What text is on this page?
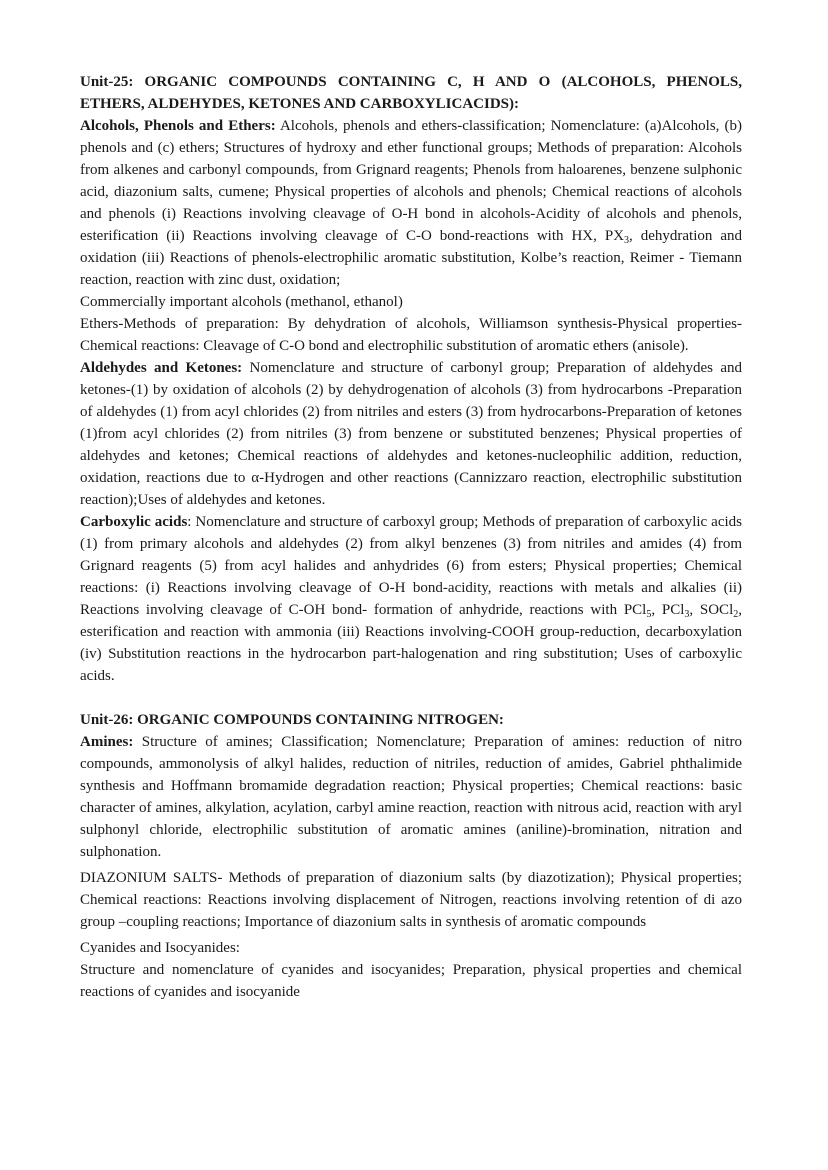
Unit-25: ORGANIC COMPOUNDS CONTAINING C, H AND O (ALCOHOLS, PHENOLS, ETHERS, ALDEHYDES, KETONES AND CARBOXYLICACIDS):

Alcohols, Phenols and Ethers: Alcohols, phenols and ethers-classification; Nomenclature: (a)Alcohols, (b) phenols and (c) ethers; Structures of hydroxy and ether functional groups; Methods of preparation: Alcohols from alkenes and carbonyl compounds, from Grignard reagents; Phenols from haloarenes, benzene sulphonic acid, diazonium salts, cumene; Physical properties of alcohols and phenols; Chemical reactions of alcohols and phenols (i) Reactions involving cleavage of O-H bond in alcohols-Acidity of alcohols and phenols, esterification (ii) Reactions involving cleavage of C-O bond-reactions with HX, $PX_3$, dehydration and oxidation (iii) Reactions of phenols-electrophilic aromatic substitution, Kolbe’s reaction, Reimer - Tiemann reaction, reaction with zinc dust, oxidation;

Commercially important alcohols (methanol, ethanol)

Ethers-Methods of preparation: By dehydration of alcohols, Williamson synthesis-Physical properties-Chemical reactions: Cleavage of C-O bond and electrophilic substitution of aromatic ethers (anisole).

Aldehydes and Ketones: Nomenclature and structure of carbonyl group; Preparation of aldehydes and ketones-(1) by oxidation of alcohols (2) by dehydrogenation of alcohols (3) from hydrocarbons -Preparation of aldehydes (1) from acyl chlorides (2) from nitriles and esters (3) from hydrocarbons-Preparation of ketones (1)from acyl chlorides (2) from nitriles (3) from benzene or substituted benzenes; Physical properties of aldehydes and ketones; Chemical reactions of aldehydes and ketones-nucleophilic addition, reduction, oxidation, reactions due to α-Hydrogen and other reactions (Cannizzaro reaction, electrophilic substitution reaction);Uses of aldehydes and ketones.

Carboxylic acids: Nomenclature and structure of carboxyl group; Methods of preparation of carboxylic acids (1) from primary alcohols and aldehydes (2) from alkyl benzenes (3) from nitriles and amides (4) from Grignard reagents (5) from acyl halides and anhydrides (6) from esters; Physical properties; Chemical reactions: (i) Reactions involving cleavage of O-H bond-acidity, reactions with metals and alkalies (ii) Reactions involving cleavage of C-OH bond- formation of anhydride, reactions with PCl$_5$, PCl$_3$, SOCl$_2$, esterification and reaction with ammonia (iii) Reactions involving-COOH group-reduction, decarboxylation (iv) Substitution reactions in the hydrocarbon part-halogenation and ring substitution; Uses of carboxylic acids.

Unit-26: ORGANIC COMPOUNDS CONTAINING NITROGEN:

Amines: Structure of amines; Classification; Nomenclature; Preparation of amines: reduction of nitro compounds, ammonolysis of alkyl halides, reduction of nitriles, reduction of amides, Gabriel phthalimide synthesis and Hoffmann bromamide degradation reaction; Physical properties; Chemical reactions: basic character of amines, alkylation, acylation, carbyl amine reaction, reaction with nitrous acid, reaction with aryl sulphonyl chloride, electrophilic substitution of aromatic amines (aniline)-bromination, nitration and sulphonation.

DIAZONIUM SALTS- Methods of preparation of diazonium salts (by diazotization); Physical properties; Chemical reactions: Reactions involving displacement of Nitrogen, reactions involving retention of di azo group –coupling reactions; Importance of diazonium salts in synthesis of aromatic compounds

Cyanides and Isocyanides:

Structure and nomenclature of cyanides and isocyanides; Preparation, physical properties and chemical reactions of cyanides and isocyanide
